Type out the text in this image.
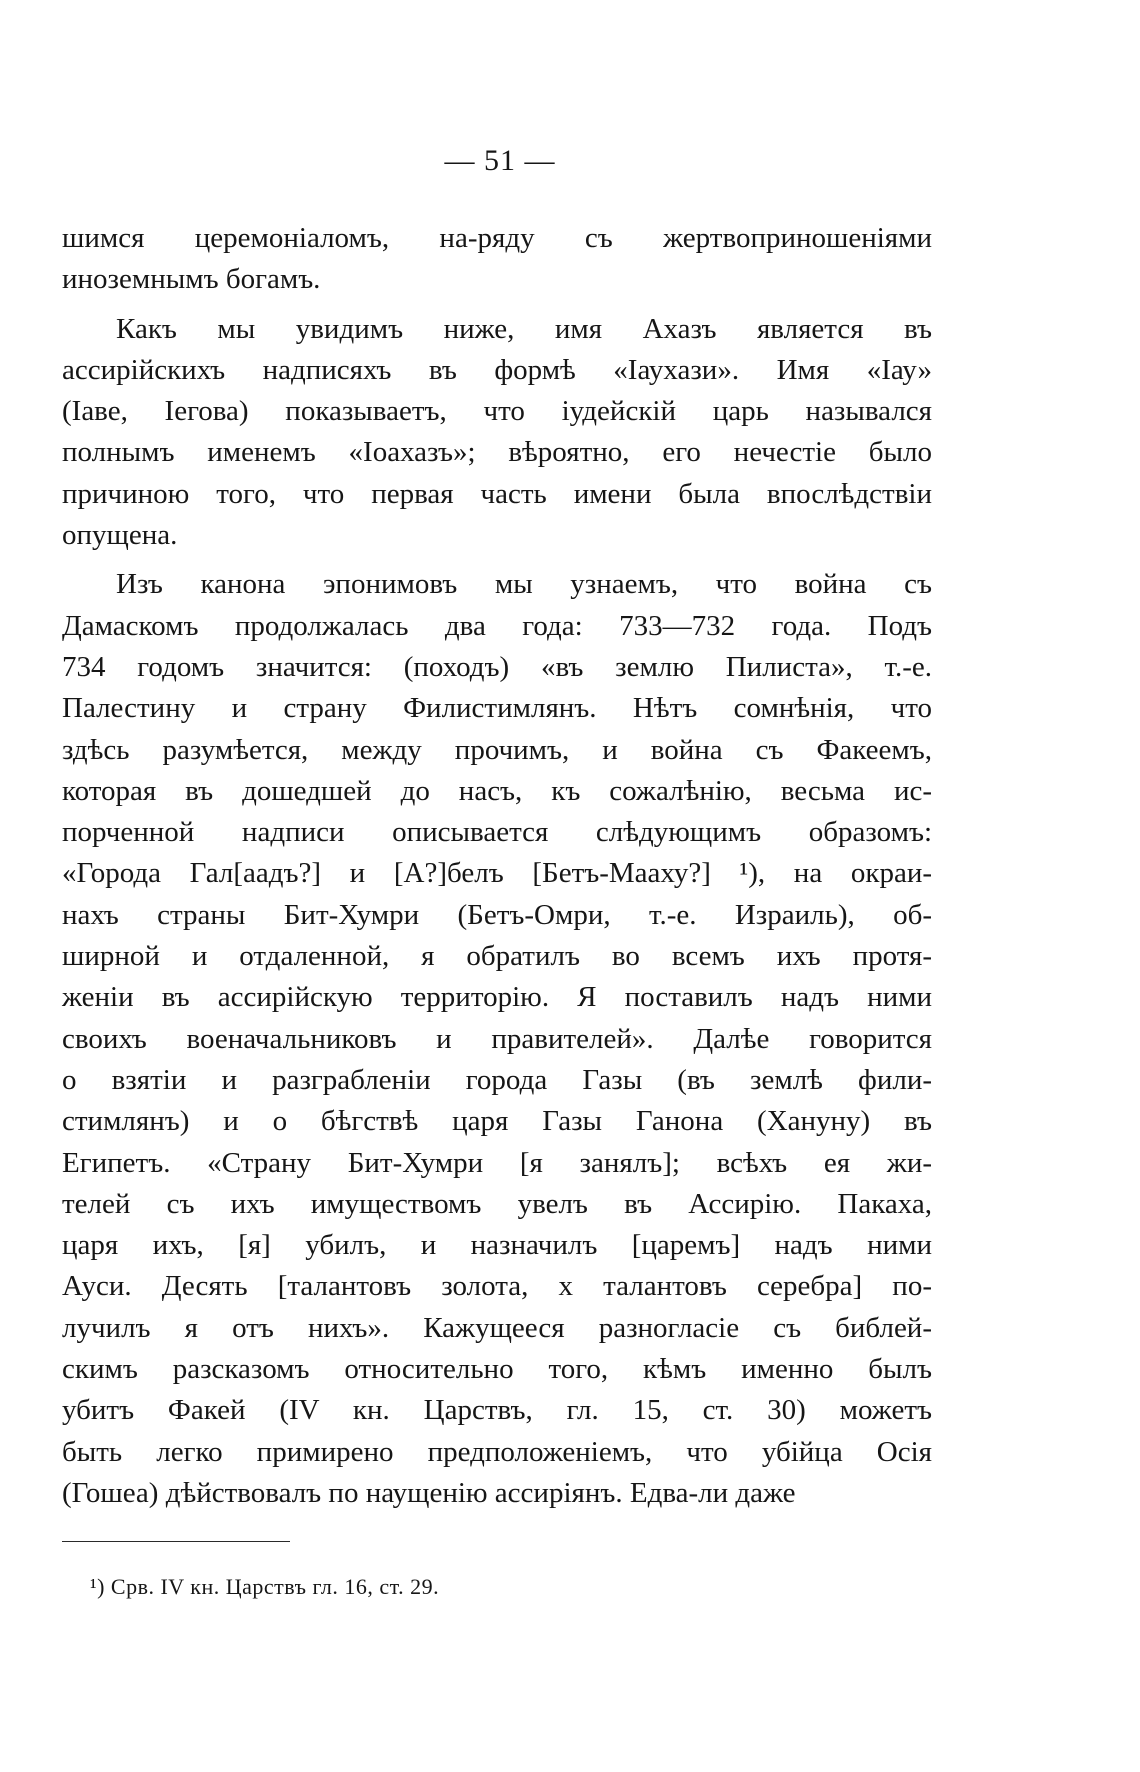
— 51 —
шимся церемоніаломъ, на-ряду съ жертвоприношеніями
иноземнымъ богамъ.
Какъ мы увидимъ ниже, имя Ахазъ является въ
ассирійскихъ надписяхъ въ формѣ «Іаухази». Имя «Іау»
(Іаве, Іегова) показываетъ, что іудейскій царь назывался
полнымъ именемъ «Іоахазъ»; вѣроятно, его нечестіе было
причиною того, что первая часть имени была впослѣдствіи
опущена.
Изъ канона эпонимовъ мы узнаемъ, что война съ
Дамаскомъ продолжалась два года: 733—732 года. Подъ
734 годомъ значится: (походъ) «въ землю Пилиста», т.-е.
Палестину и страну Филистимлянъ. Нѣтъ сомнѣнія, что
здѣсь разумѣется, между прочимъ, и война съ Факеемъ,
которая въ дошедшей до насъ, къ сожалѣнію, весьма ис-
порченной надписи описывается слѣдующимъ образомъ:
«Города Гал[аадъ?] и [А?]белъ [Бетъ-Мааху?] ¹), на окраи-
нахъ страны Бит-Хумри (Бетъ-Омри, т.-е. Израиль), об-
ширной и отдаленной, я обратилъ во всемъ ихъ протя-
женіи въ ассирійскую территорію. Я поставилъ надъ ними
своихъ военачальниковъ и правителей». Далѣе говорится
о взятіи и разграбленіи города Газы (въ землѣ фили-
стимлянъ) и о бѣгствѣ царя Газы Ганона (Хануну) въ
Египетъ. «Страну Бит-Хумри [я занялъ]; всѣхъ ея жи-
телей съ ихъ имуществомъ увелъ въ Ассирію. Пакаха,
царя ихъ, [я] убилъ, и назначилъ [царемъ] надъ ними
Ауси. Десять [талантовъ золота, x талантовъ серебра] по-
лучилъ я отъ нихъ». Кажущееся разногласіе съ библей-
скимъ разсказомъ относительно того, кѣмъ именно былъ
убитъ Факей (IV кн. Царствъ, гл. 15, ст. 30) можетъ
быть легко примирено предположеніемъ, что убійца Осія
(Гошеа) дѣйствовалъ по наущенію ассиріянъ. Едва-ли даже
¹) Срв. IV кн. Царствъ гл. 16, ст. 29.
